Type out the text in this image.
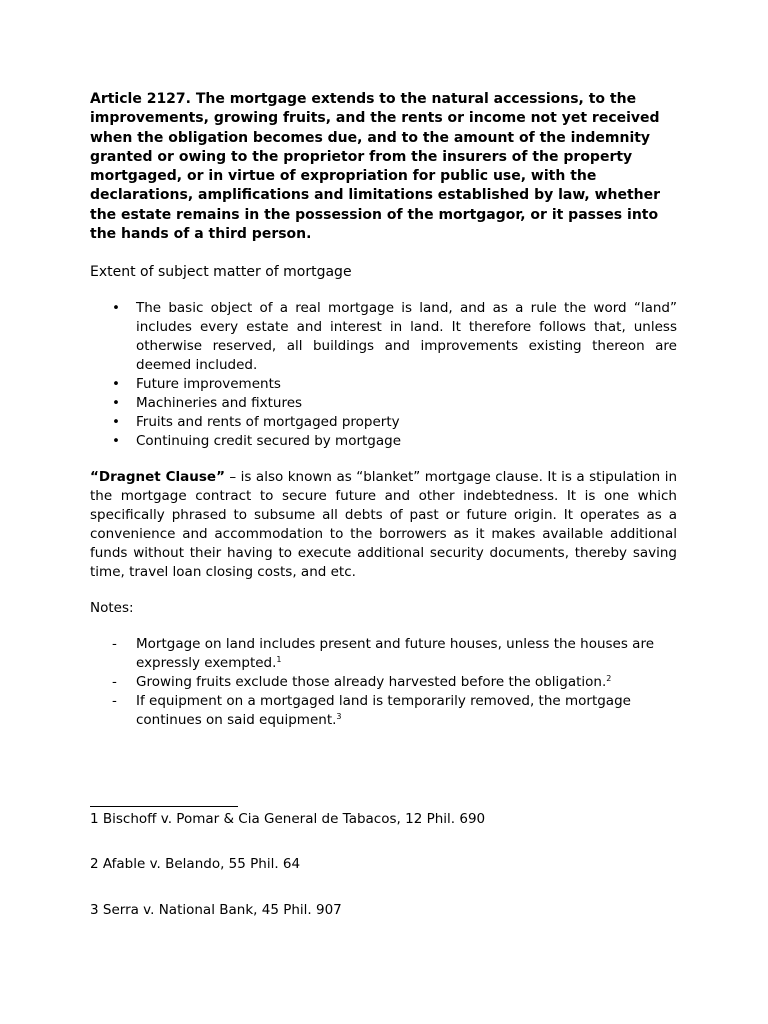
Article 2127. The mortgage extends to the natural accessions, to the improvements, growing fruits, and the rents or income not yet received when the obligation becomes due, and to the amount of the indemnity granted or owing to the proprietor from the insurers of the property mortgaged, or in virtue of expropriation for public use, with the declarations, amplifications and limitations established by law, whether the estate remains in the possession of the mortgagor, or it passes into the hands of a third person.

Extent of subject matter of mortgage

• The basic object of a real mortgage is land, and as a rule the word “land” includes every estate and interest in land. It therefore follows that, unless otherwise reserved, all buildings and improvements existing thereon are deemed included.
• Future improvements
• Machineries and fixtures
• Fruits and rents of mortgaged property
• Continuing credit secured by mortgage

“Dragnet Clause” – is also known as “blanket” mortgage clause. It is a stipulation in the mortgage contract to secure future and other indebtedness. It is one which specifically phrased to subsume all debts of past or future origin. It operates as a convenience and accommodation to the borrowers as it makes available additional funds without their having to execute additional security documents, thereby saving time, travel loan closing costs, and etc.

Notes:

- Mortgage on land includes present and future houses, unless the houses are expressly exempted.$^1$
- Growing fruits exclude those already harvested before the obligation.$^2$
- If equipment on a mortgaged land is temporarily removed, the mortgage continues on said equipment.$^3$
1 Bischoff v. Pomar & Cia General de Tabacos, 12 Phil. 690
2 Afable v. Belando, 55 Phil. 64
3 Serra v. National Bank, 45 Phil. 907
